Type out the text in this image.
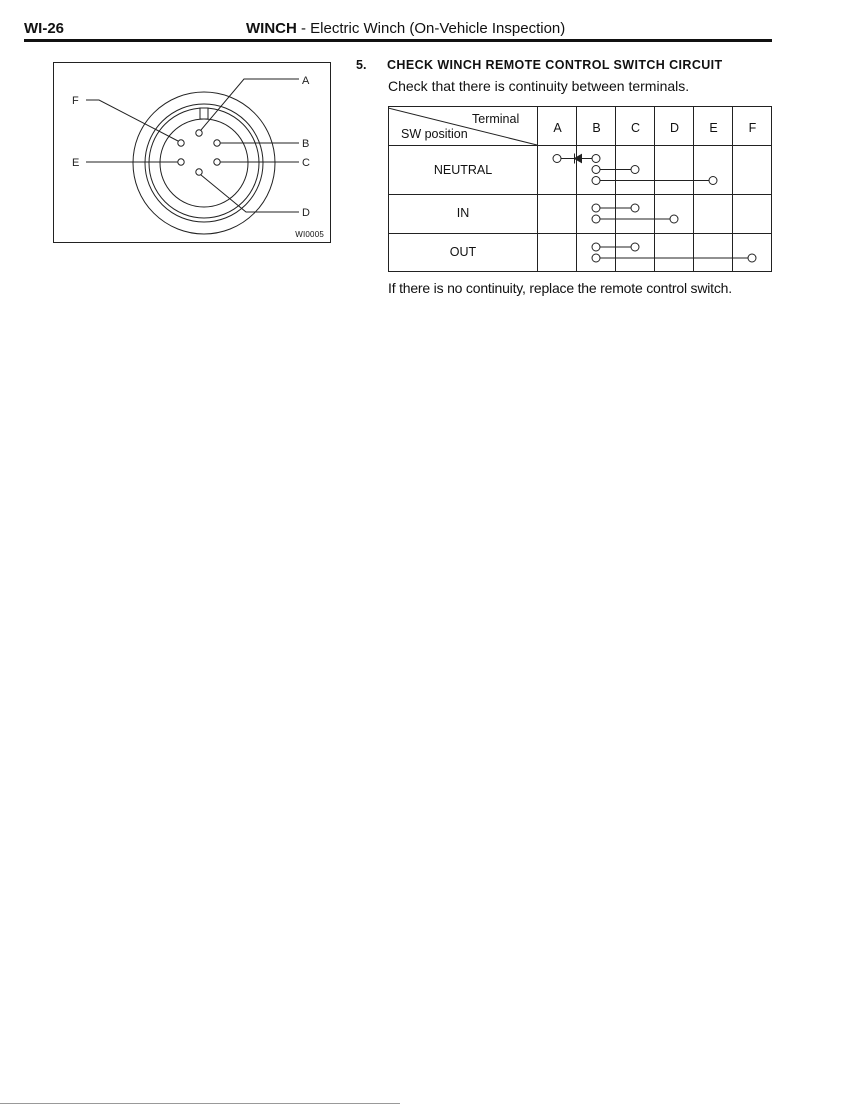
WI-26	WINCH - Electric Winch (On-Vehicle Inspection)
A
B
C
D
E
F
WI0005
5. CHECK WINCH REMOTE CONTROL SWITCH CIRCUIT
Check that there is continuity between terminals.
Terminal
SW position	A	B	C	D	E	F
NEUTRAL
IN
OUT
If there is no continuity, replace the remote control switch.
